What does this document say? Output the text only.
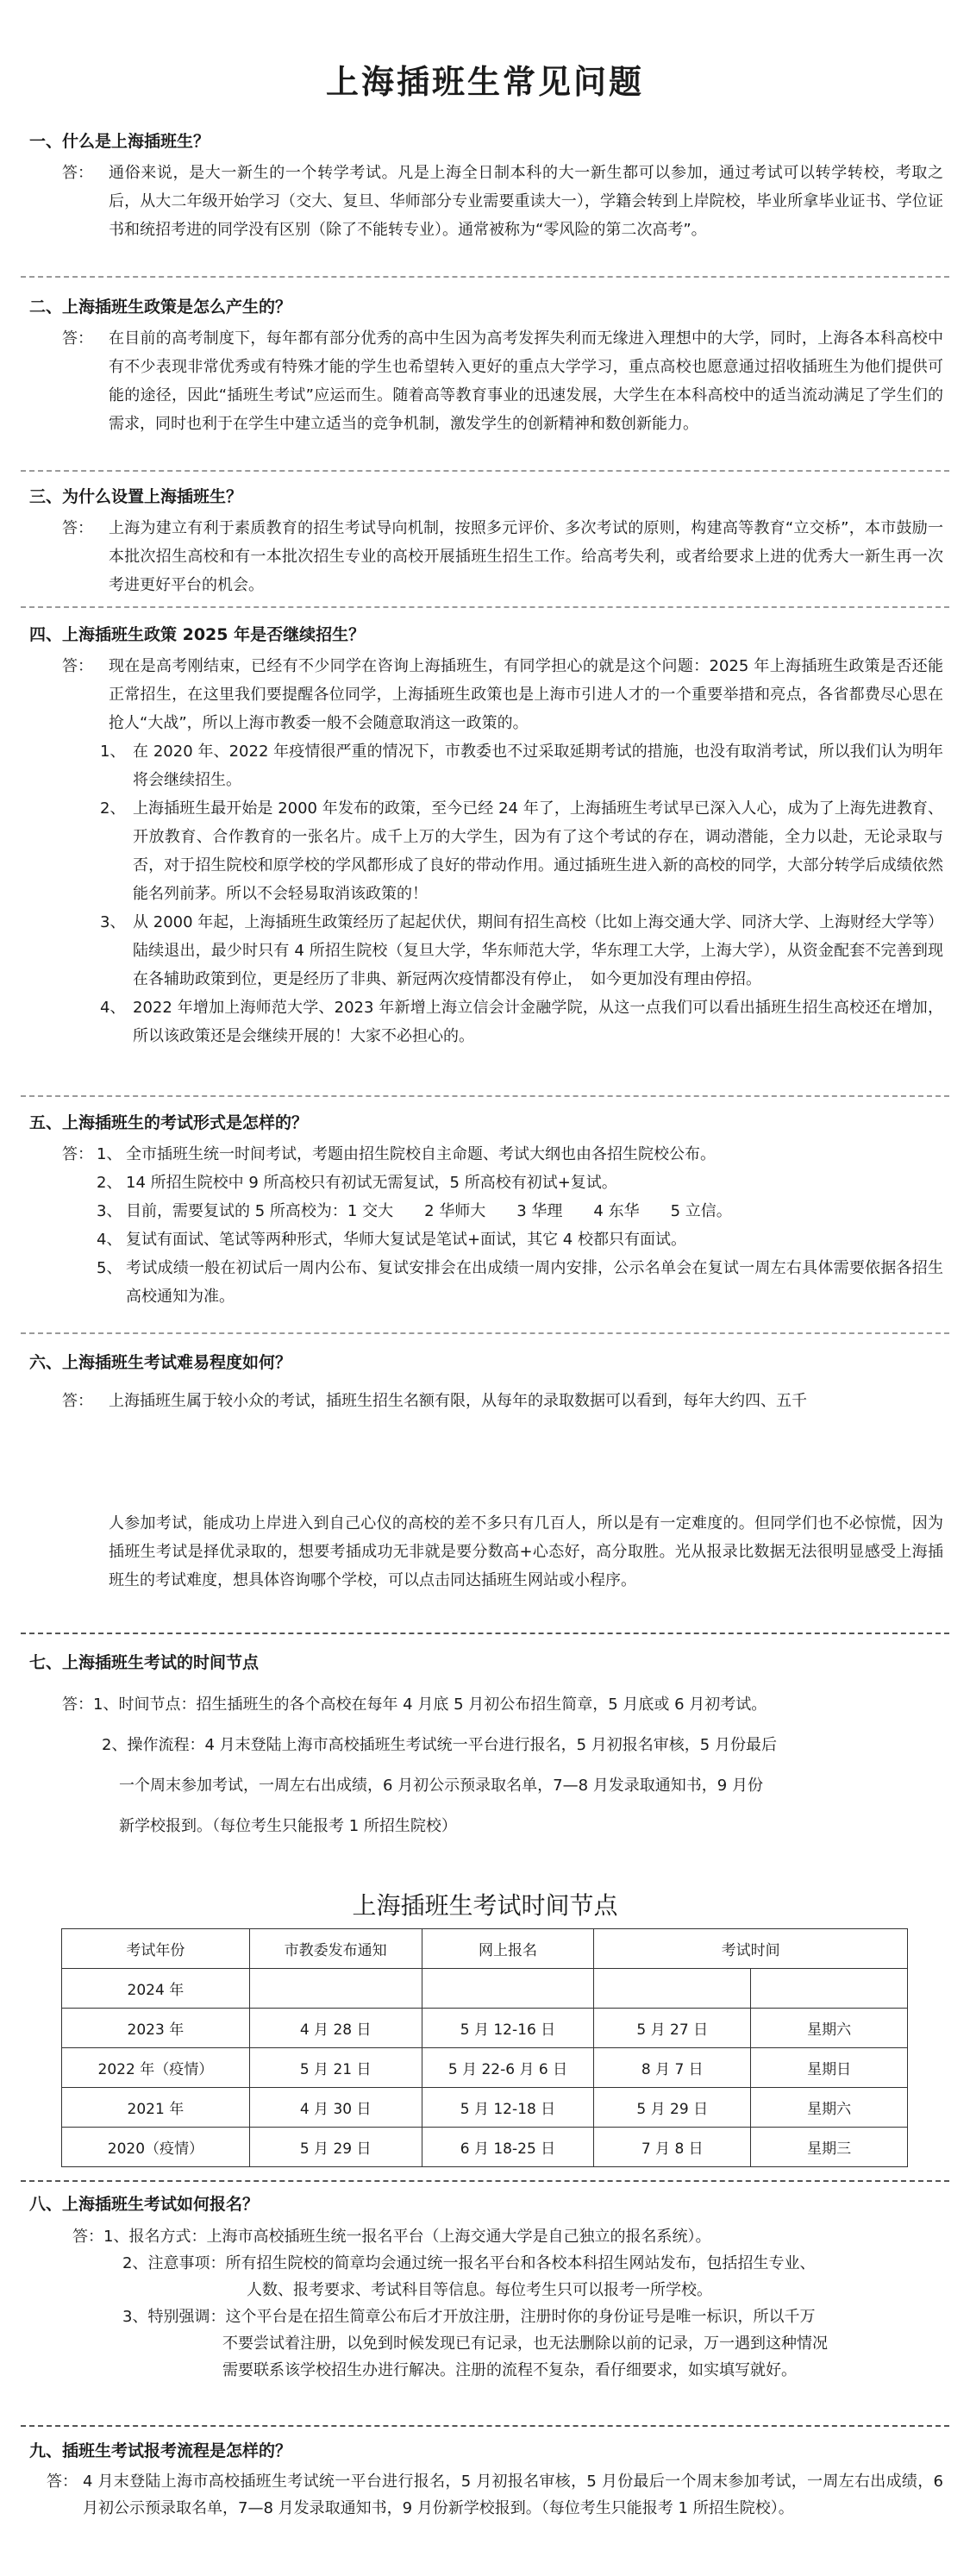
上海插班生常见问题

一、什么是上海插班生？

答： 通俗来说，是大一新生的一个转学考试。凡是上海全日制本科的大一新生都可以参加，通过考试可以转学转校，考取之后，从大二年级开始学习（交大、复旦、华师部分专业需要重读大一），学籍会转到上岸院校，毕业所拿毕业证书、学位证书和统招考进的同学没有区别（除了不能转专业）。通常被称为“零风险的第二次高考”。

二、上海插班生政策是怎么产生的？

答： 在目前的高考制度下，每年都有部分优秀的高中生因为高考发挥失利而无缘进入理想中的大学，同时，上海各本科高校中有不少表现非常优秀或有特殊才能的学生也希望转入更好的重点大学学习，重点高校也愿意通过招收插班生为他们提供可能的途径，因此“插班生考试”应运而生。随着高等教育事业的迅速发展，大学生在本科高校中的适当流动满足了学生们的需求，同时也利于在学生中建立适当的竞争机制，激发学生的创新精神和数创新能力。

三、为什么设置上海插班生？

答： 上海为建立有利于素质教育的招生考试导向机制，按照多元评价、多次考试的原则，构建高等教育“立交桥”，本市鼓励一本批次招生高校和有一本批次招生专业的高校开展插班生招生工作。给高考失利，或者给要求上进的优秀大一新生再一次考进更好平台的机会。

四、上海插班生政策 2025 年是否继续招生？

答： 现在是高考刚结束，已经有不少同学在咨询上海插班生，有同学担心的就是这个问题：2025 年上海插班生政策是否还能正常招生，在这里我们要提醒各位同学，上海插班生政策也是上海市引进人才的一个重要举措和亮点，各省都费尽心思在抢人“大战”，所以上海市教委一般不会随意取消这一政策的。

1、 在 2020 年、2022 年疫情很严重的情况下，市教委也不过采取延期考试的措施，也没有取消考试，所以我们认为明年将会继续招生。

2、 上海插班生最开始是 2000 年发布的政策，至今已经 24 年了，上海插班生考试早已深入人心，成为了上海先进教育、开放教育、合作教育的一张名片。成千上万的大学生，因为有了这个考试的存在，调动潜能，全力以赴，无论录取与否，对于招生院校和原学校的学风都形成了良好的带动作用。通过插班生进入新的高校的同学，大部分转学后成绩依然能名列前茅。所以不会轻易取消该政策的！

3、 从 2000 年起，上海插班生政策经历了起起伏伏，期间有招生高校（比如上海交通大学、同济大学、上海财经大学等）陆续退出，最少时只有 4 所招生院校（复旦大学，华东师范大学，华东理工大学，上海大学），从资金配套不完善到现在各辅助政策到位，更是经历了非典、新冠两次疫情都没有停止，　如今更加没有理由停招。

4、 2022 年增加上海师范大学、2023 年新增上海立信会计金融学院，从这一点我们可以看出插班生招生高校还在增加，所以该政策还是会继续开展的！大家不必担心的。

五、上海插班生的考试形式是怎样的？

答： 1、 全市插班生统一时间考试，考题由招生院校自主命题、考试大纲也由各招生院校公布。

2、 14 所招生院校中 9 所高校只有初试无需复试，5 所高校有初试+复试。

3、 目前，需要复试的 5 所高校为：1 交大　　2 华师大　　3 华理　　4 东华　　5 立信。

4、 复试有面试、笔试等两种形式，华师大复试是笔试+面试，其它 4 校都只有面试。

5、 考试成绩一般在初试后一周内公布、复试安排会在出成绩一周内安排，公示名单会在复试一周左右具体需要依据各招生高校通知为准。

六、上海插班生考试难易程度如何？

答： 上海插班生属于较小众的考试，插班生招生名额有限，从每年的录取数据可以看到，每年大约四、五千

人参加考试，能成功上岸进入到自己心仪的高校的差不多只有几百人，所以是有一定难度的。但同学们也不必惊慌，因为插班生考试是择优录取的，想要考插成功无非就是要分数高+心态好，高分取胜。光从报录比数据无法很明显感受上海插班生的考试难度，想具体咨询哪个学校，可以点击同达插班生网站或小程序。

七、上海插班生考试的时间节点

答：1、时间节点：招生插班生的各个高校在每年 4 月底 5 月初公布招生简章，5 月底或 6 月初考试。

2、操作流程：4 月末登陆上海市高校插班生考试统一平台进行报名，5 月初报名审核，5 月份最后

一个周末参加考试，一周左右出成绩，6 月初公示预录取名单，7—8 月发录取通知书，9 月份

新学校报到。（每位考生只能报考 1 所招生院校）

上海插班生考试时间节点
考试年份	市教委发布通知	网上报名	考试时间	
2024 年				
2023 年	4 月 28 日	5 月 12-16 日	5 月 27 日	星期六
2022 年（疫情）	5 月 21 日	5 月 22-6 月 6 日	8 月 7 日	星期日
2021 年	4 月 30 日	5 月 12-18 日	5 月 29 日	星期六
2020（疫情）	5 月 29 日	6 月 18-25 日	7 月 8 日	星期三

八、上海插班生考试如何报名？

答：1、报名方式：上海市高校插班生统一报名平台（上海交通大学是自己独立的报名系统）。

2、注意事项：所有招生院校的简章均会通过统一报名平台和各校本科招生网站发布，包括招生专业、

人数、报考要求、考试科目等信息。每位考生只可以报考一所学校。

3、特别强调：这个平台是在招生简章公布后才开放注册，注册时你的身份证号是唯一标识，所以千万

不要尝试着注册，以免到时候发现已有记录，也无法删除以前的记录，万一遇到这种情况

需要联系该学校招生办进行解决。注册的流程不复杂，看仔细要求，如实填写就好。

九、插班生考试报考流程是怎样的？

答： 4 月末登陆上海市高校插班生考试统一平台进行报名，5 月初报名审核，5 月份最后一个周末参加考试，一周左右出成绩，6 月初公示预录取名单，7—8 月发录取通知书，9 月份新学校报到。（每位考生只能报考 1 所招生院校）。
